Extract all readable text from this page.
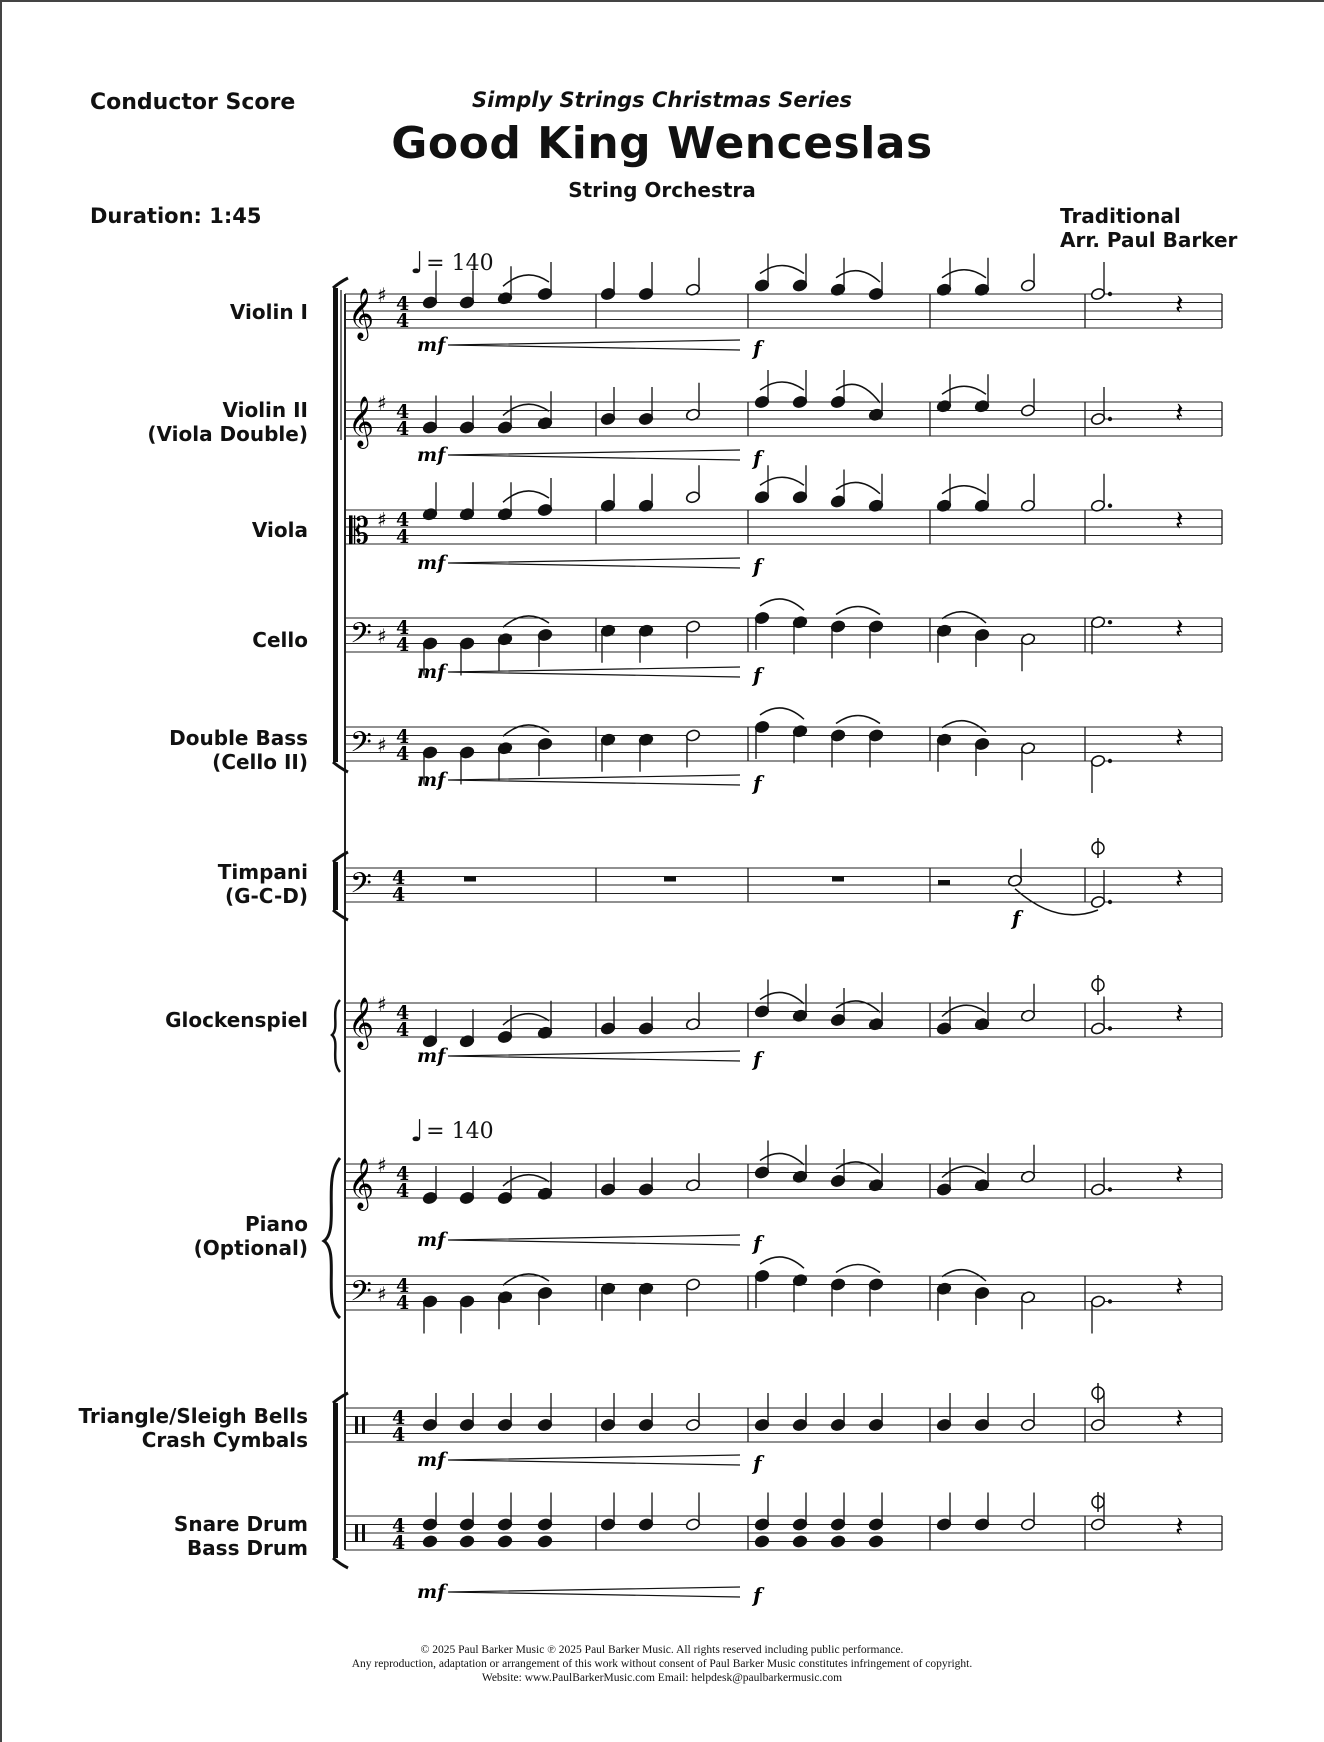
Conductor Score	Simply Strings Christmas Series
Good King Wenceslas
String Orchestra
Duration: 1:45	Traditional
Arr. Paul Barker
Violin I
Violin II
(Viola Double)
Viola
Cello
Double Bass
(Cello II)
Timpani
(G-C-D)
Glockenspiel
Piano
(Optional)
Triangle/Sleigh Bells
Crash Cymbals
Snare Drum
Bass Drum
♩= 140
♩= 140
𝄞 ♯ 4
4
𝄞 ♯ 4
4
𝄡 ♯ 4
4
𝄢 ♯ 4
4
𝄢 ♯ 4
4
𝄢 4
4
𝄞 ♯ 4
4
𝄞 ♯ 4
4
𝄢 ♯ 4
4
4
4
4
4
𝄽
𝄽
𝄽
𝄽
𝄽
𝄽
𝄽
𝄽
𝄽
f
𝄽
𝄽
mf	f
mf	f
mf	f
mf	f
mf	f
mf	f
mf	f
mf	f
mf	f
© 2025 Paul Barker Music ℗ 2025 Paul Barker Music. All rights reserved including public performance.
Any reproduction, adaptation or arrangement of this work without consent of Paul Barker Music constitutes infringement of copyright.
Website: www.PaulBarkerMusic.com Email: helpdesk@paulbarkermusic.com
